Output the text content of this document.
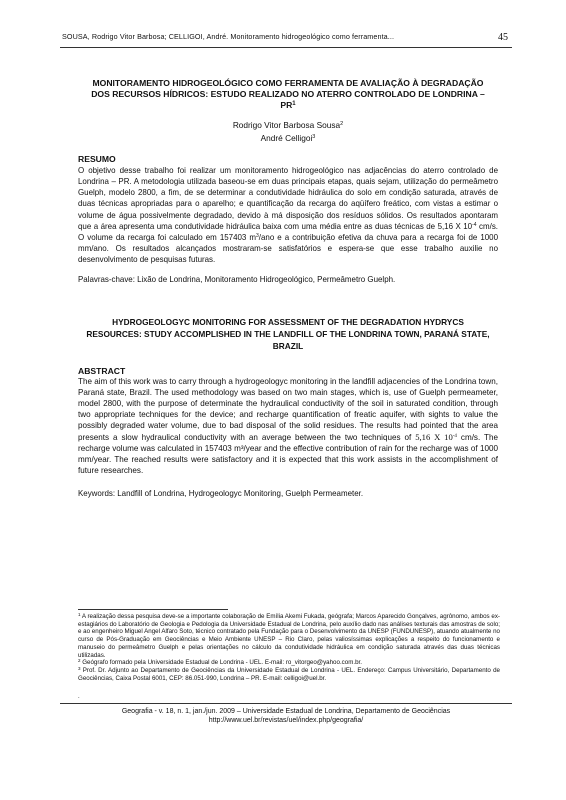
SOUSA, Rodrigo Vitor Barbosa; CELLIGOI, André. Monitoramento hidrogeológico como ferramenta...	45
MONITORAMENTO HIDROGEOLÓGICO COMO FERRAMENTA DE AVALIAÇÃO À DEGRADAÇÃO DOS RECURSOS HÍDRICOS: ESTUDO REALIZADO NO ATERRO CONTROLADO DE LONDRINA – $PR^1$
Rodrigo Vitor Barbosa Sousa$^2$
André Celligoi$^3$
RESUMO
O objetivo desse trabalho foi realizar um monitoramento hidrogeológico nas adjacências do aterro controlado de Londrina – PR. A metodologia utilizada baseou-se em duas principais etapas, quais sejam, utilização do permeâmetro Guelph, modelo 2800, a fim, de se determinar a condutividade hidráulica do solo em condição saturada, através de duas técnicas apropriadas para o aparelho; e quantificação da recarga do aqüífero freático, com vistas a estimar o volume de água possivelmente degradado, devido à má disposição dos resíduos sólidos. Os resultados apontaram que a área apresenta uma condutividade hidráulica baixa com uma média entre as duas técnicas de 5,16 X $10^{-4}$ cm/s. O volume da recarga foi calculado em 157403 $m^3$/ano e a contribuição efetiva da chuva para a recarga foi de 1000 mm/ano. Os resultados alcançados mostraram-se satisfatórios e espera-se que esse trabalho auxilie no desenvolvimento de pesquisas futuras.
Palavras-chave: Lixão de Londrina, Monitoramento Hidrogeológico, Permeâmetro Guelph.
HYDROGEOLOGYC MONITORING FOR ASSESSMENT OF THE DEGRADATION HYDRYCS RESOURCES: STUDY ACCOMPLISHED IN THE LANDFILL OF THE LONDRINA TOWN, PARANÁ STATE, BRAZIL
ABSTRACT
The aim of this work was to carry through a hydrogeologyc monitoring in the landfill adjacencies of the Londrina town, Paraná state, Brazil. The used methodology was based on two main stages, which is, use of Guelph permeameter, model 2800, with the purpose of determinate the hydraulical conductivity of the soil in saturated condition, through two appropriate techniques for the device; and recharge quantification of freatic aquifer, with sights to value the possibly degraded water volume, due to bad disposal of the solid residues. The results had pointed that the area presents a slow hydraulical conductivity with an average between the two techniques of 5,16 X $10^{-4}$ cm/s. The recharge volume was calculated in 157403 m³/year and the effective contribution of rain for the recharge was of 1000 mm/year. The reached results were satisfactory and it is expected that this work assists in the accomplishment of future researches.
Keywords: Landfill of Londrina, Hydrogeologyc Monitoring, Guelph Permeameter.

$^1$ A realização dessa pesquisa deve-se a importante colaboração de Emília Akemi Fukada, geógrafa; Marcos Aparecido Gonçalves, agrônomo, ambos ex-estagiários do Laboratório de Geologia e Pedologia da Universidade Estadual de Londrina, pelo auxílio dado nas análises texturais das amostras de solo; e ao engenheiro Miguel Angel Alfaro Soto, técnico contratado pela Fundação para o Desenvolvimento da UNESP (FUNDUNESP), atuando atualmente no curso de Pós-Graduação em Geociências e Meio Ambiente UNESP – Rio Claro, pelas valiosíssimas explicações a respeito do funcionamento e manuseio do permeâmetro Guelph e pelas orientações no cálculo da condutividade hidráulica em condição saturada através das duas técnicas utilizadas.

$^2$ Geógrafo formado pela Universidade Estadual de Londrina - UEL. E-mail: ro_vitorgeo@yahoo.com.br.

$^3$ Prof. Dr. Adjunto ao Departamento de Geociências da Universidade Estadual de Londrina - UEL. Endereço: Campus Universitário, Departamento de Geociências, Caixa Postal 6001, CEP: 86.051-990, Londrina – PR. E-mail: celligoi@uel.br.

.
Geografia - v. 18, n. 1, jan./jun. 2009 – Universidade Estadual de Londrina, Departamento de Geociências
http://www.uel.br/revistas/uel/index.php/geografia/
